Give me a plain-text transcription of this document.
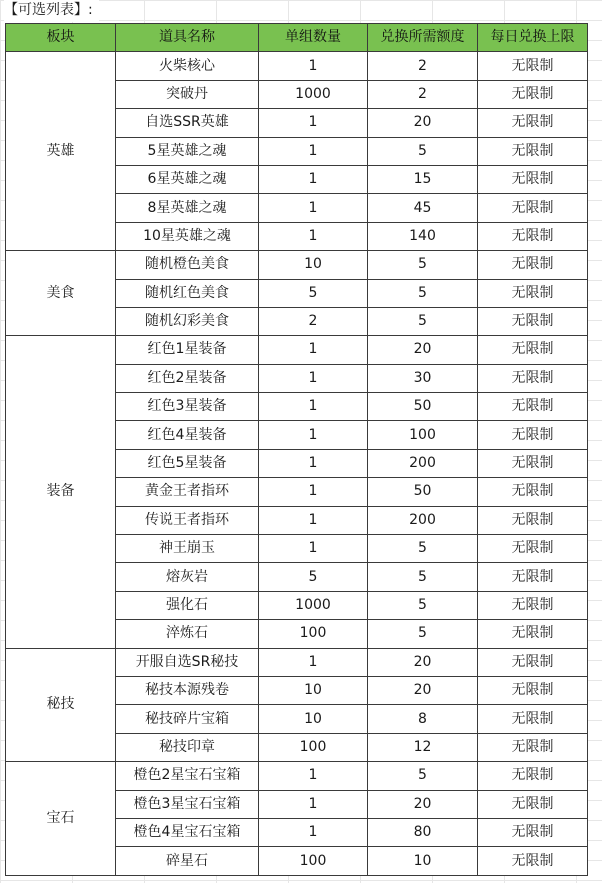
【可选列表】:
板块	道具名称	单组数量	兑换所需额度	每日兑换上限
英雄	火柴核心	1	2	无限制
	突破丹	1000	2	无限制
	自选SSR英雄	1	20	无限制
	5星英雄之魂	1	5	无限制
	6星英雄之魂	1	15	无限制
	8星英雄之魂	1	45	无限制
	10星英雄之魂	1	140	无限制
美食	随机橙色美食	10	5	无限制
	随机红色美食	5	5	无限制
	随机幻彩美食	2	5	无限制
装备	红色1星装备	1	20	无限制
	红色2星装备	1	30	无限制
	红色3星装备	1	50	无限制
	红色4星装备	1	100	无限制
	红色5星装备	1	200	无限制
	黄金王者指环	1	50	无限制
	传说王者指环	1	200	无限制
	神王崩玉	1	5	无限制
	熔灰岩	5	5	无限制
	强化石	1000	5	无限制
	淬炼石	100	5	无限制
秘技	开服自选SR秘技	1	20	无限制
	秘技本源残卷	10	20	无限制
	秘技碎片宝箱	10	8	无限制
	秘技印章	100	12	无限制
宝石	橙色2星宝石宝箱	1	5	无限制
	橙色3星宝石宝箱	1	20	无限制
	橙色4星宝石宝箱	1	80	无限制
	碎星石	100	10	无限制
